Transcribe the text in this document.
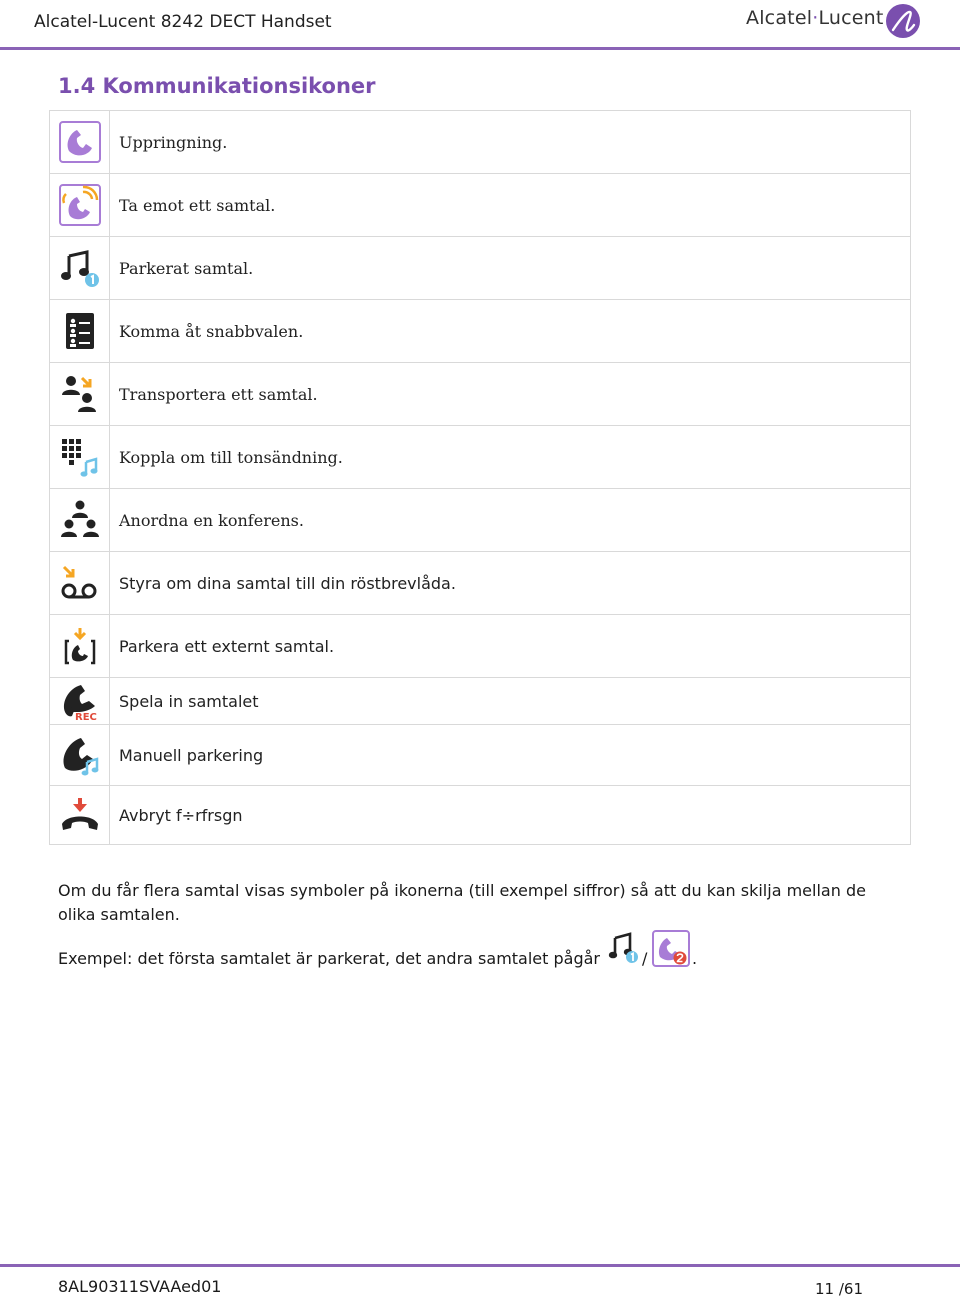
Alcatel-Lucent 8242 DECT Handset	Alcatel·Lucent
1.4 Kommunikationsikoner
	Uppringning.

	Ta emot ett samtal.

	Parkerat samtal.

	Komma åt snabbvalen.

	Transportera ett samtal.

	Koppla om till tonsändning.

	Anordna en konferens.

	Styra om dina samtal till din röstbrevlåda.

	Parkera ett externt samtal.

REC	Spela in samtalet

	Manuell parkering

	Avbryt f÷rfrsgn
Om du får flera samtal visas symboler på ikonerna (till exempel siffror) så att du kan skilja mellan de olika samtalen.
Exempel: det första samtalet är parkerat, det andra samtalet pågår	/	.
8AL90311SVAAed01	11 /61
